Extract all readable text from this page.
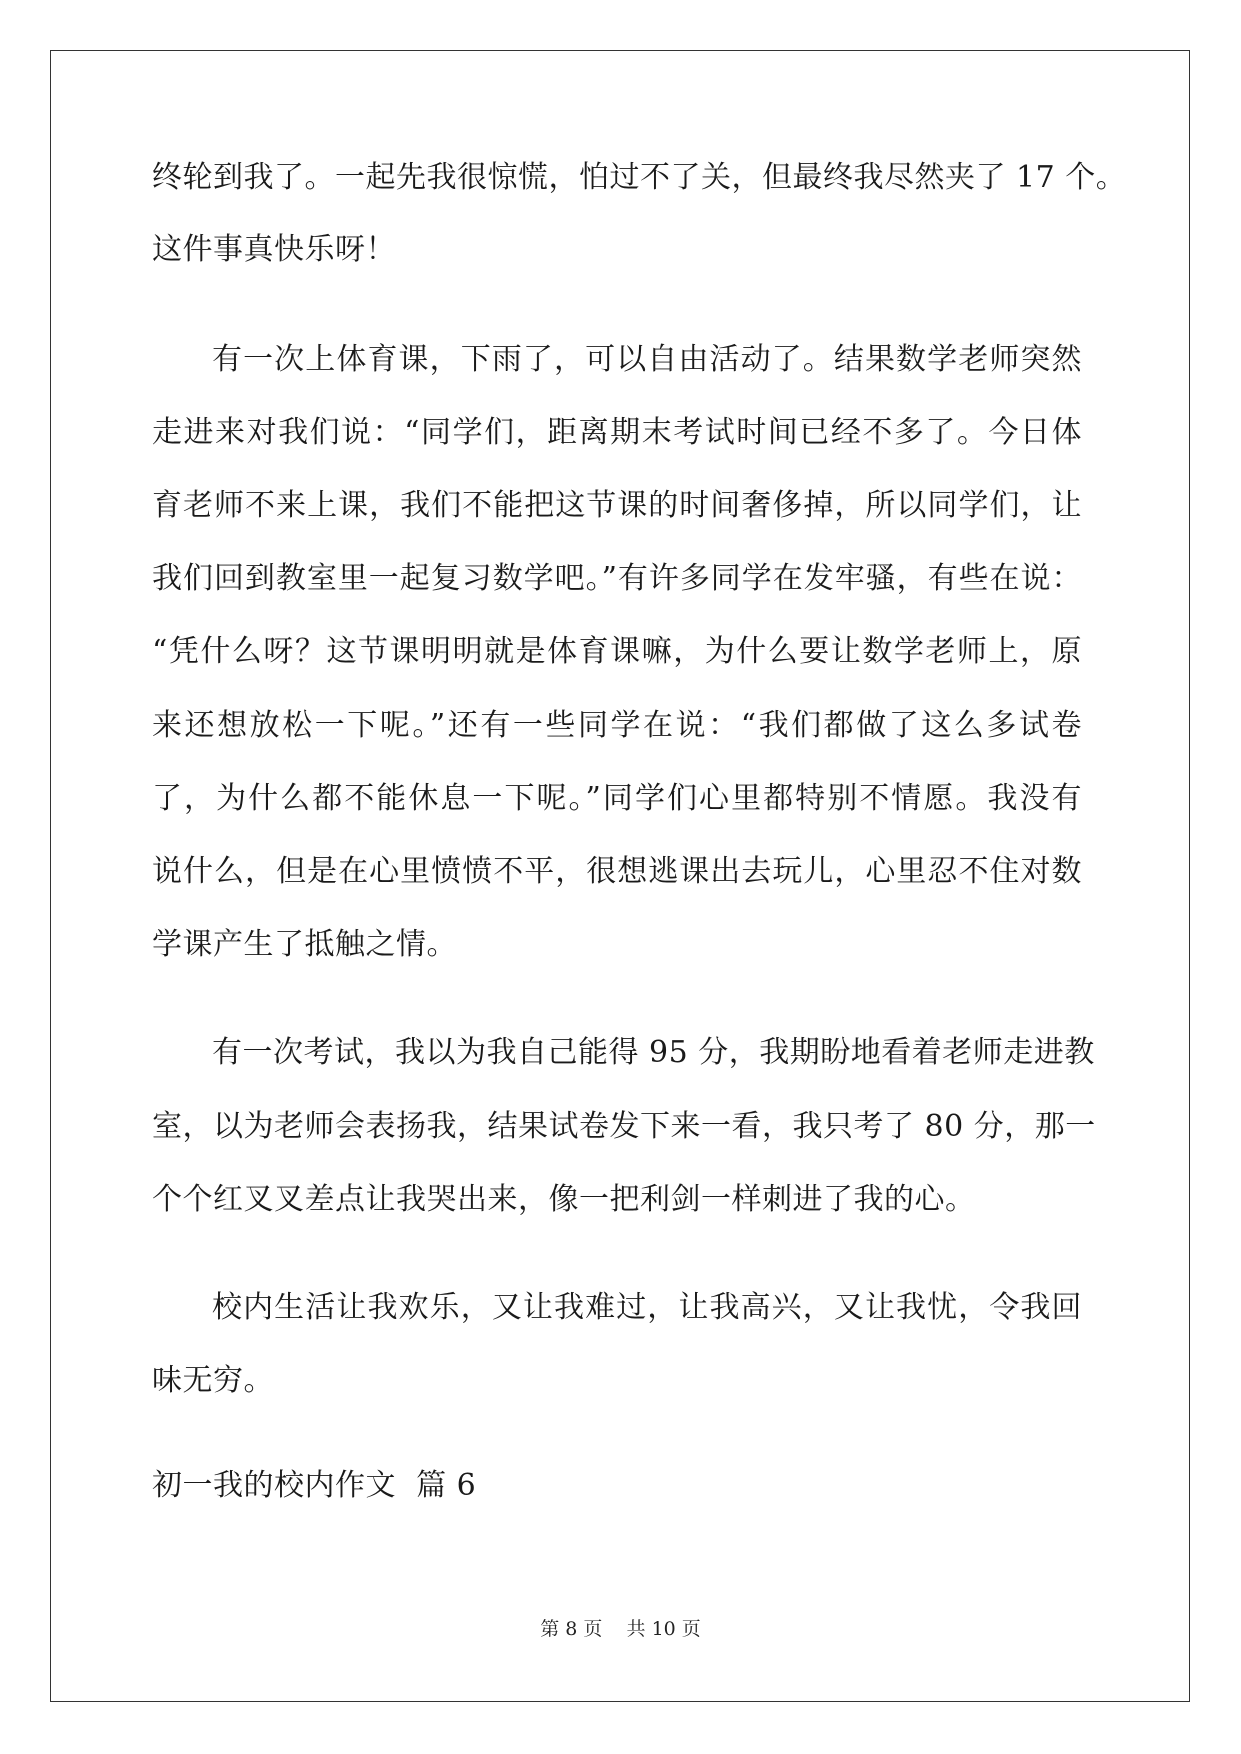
终轮到我了。一起先我很惊慌，怕过不了关，但最终我尽然夹了 17 个。
这件事真快乐呀！
有一次上体育课，下雨了，可以自由活动了。结果数学老师突然
走进来对我们说：“同学们，距离期末考试时间已经不多了。今日体
育老师不来上课，我们不能把这节课的时间奢侈掉，所以同学们，让
我们回到教室里一起复习数学吧。”有许多同学在发牢骚，有些在说：
“凭什么呀？这节课明明就是体育课嘛，为什么要让数学老师上，原
来还想放松一下呢。”还有一些同学在说：“我们都做了这么多试卷
了，为什么都不能休息一下呢。”同学们心里都特别不情愿。我没有
说什么，但是在心里愤愤不平，很想逃课出去玩儿，心里忍不住对数
学课产生了抵触之情。
有一次考试，我以为我自己能得 95 分，我期盼地看着老师走进教
室，以为老师会表扬我，结果试卷发下来一看，我只考了 80 分，那一
个个红叉叉差点让我哭出来，像一把利剑一样刺进了我的心。
校内生活让我欢乐，又让我难过，让我高兴，又让我忧，令我回
味无穷。
初一我的校内作文  篇 6
第 8 页    共 10 页
